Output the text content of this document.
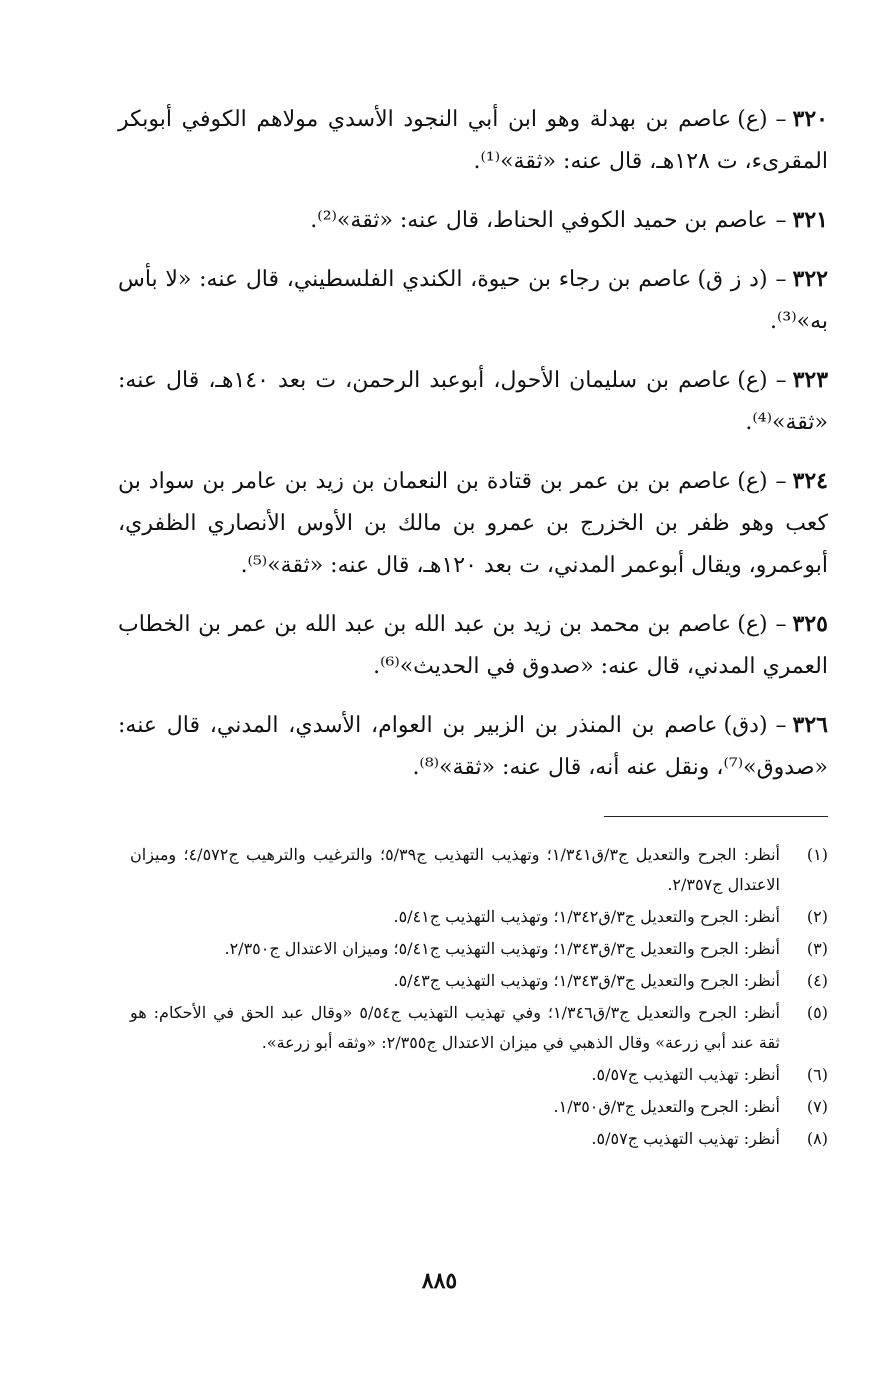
٣٢٠–(ع)عاصم بن بهدلة وهو ابن أبي النجود الأسدي مولاهم الكوفي أبوبكر المقرىء، ت ١٢٨هـ، قال عنه: «ثقة»⁽¹⁾.
٣٢١–عاصم بن حميد الكوفي الحناط، قال عنه: «ثقة»⁽²⁾.
٣٢٢–(د ز ق)عاصم بن رجاء بن حيوة، الكندي الفلسطيني، قال عنه: «لا بأس به»⁽³⁾.
٣٢٣–(ع)عاصم بن سليمان الأحول، أبوعبد الرحمن، ت بعد ١٤٠هـ، قال عنه: «ثقة»⁽⁴⁾.
٣٢٤–(ع)عاصم بن بن عمر بن قتادة بن النعمان بن زيد بن عامر بن سواد بن كعب وهو ظفر بن الخزرج بن عمرو بن مالك بن الأوس الأنصاري الظفري، أبوعمرو، ويقال أبوعمر المدني، ت بعد ١٢٠هـ، قال عنه: «ثقة»⁽⁵⁾.
٣٢٥–(ع)عاصم بن محمد بن زيد بن عبد الله بن عبد الله بن عمر بن الخطاب العمري المدني، قال عنه: «صدوق في الحديث»⁽⁶⁾.
٣٢٦–(دق)عاصم بن المنذر بن الزبير بن العوام، الأسدي، المدني، قال عنه: «صدوق»⁽⁷⁾، ونقل عنه أنه، قال عنه: «ثقة»⁽⁸⁾.
(١)
أنظر: الجرح والتعديل ج٣/ق١/٣٤١؛ وتهذيب التهذيب ج٥/٣٩؛ والترغيب والترهيب ج٤/٥٧٢؛ وميزان الاعتدال ج٢/٣٥٧.
(٢)
أنظر: الجرح والتعديل ج٣/ق١/٣٤٢؛ وتهذيب التهذيب ج٥/٤١.
(٣)
أنظر: الجرح والتعديل ج٣/ق١/٣٤٣؛ وتهذيب التهذيب ج٥/٤١؛ وميزان الاعتدال ج٢/٣٥٠.
(٤)
أنظر: الجرح والتعديل ج٣/ق١/٣٤٣؛ وتهذيب التهذيب ج٥/٤٣.
(٥)
أنظر: الجرح والتعديل ج٣/ق١/٣٤٦؛ وفي تهذيب التهذيب ج٥/٥٤ «وقال عبد الحق في الأحكام: هو ثقة عند أبي زرعة» وقال الذهبي في ميزان الاعتدال ج٢/٣٥٥: «وثقه أبو زرعة».
(٦)
أنظر: تهذيب التهذيب ج٥/٥٧.
(٧)
أنظر: الجرح والتعديل ج٣/ق١/٣٥٠.
(٨)
أنظر: تهذيب التهذيب ج٥/٥٧.
٨٨٥
